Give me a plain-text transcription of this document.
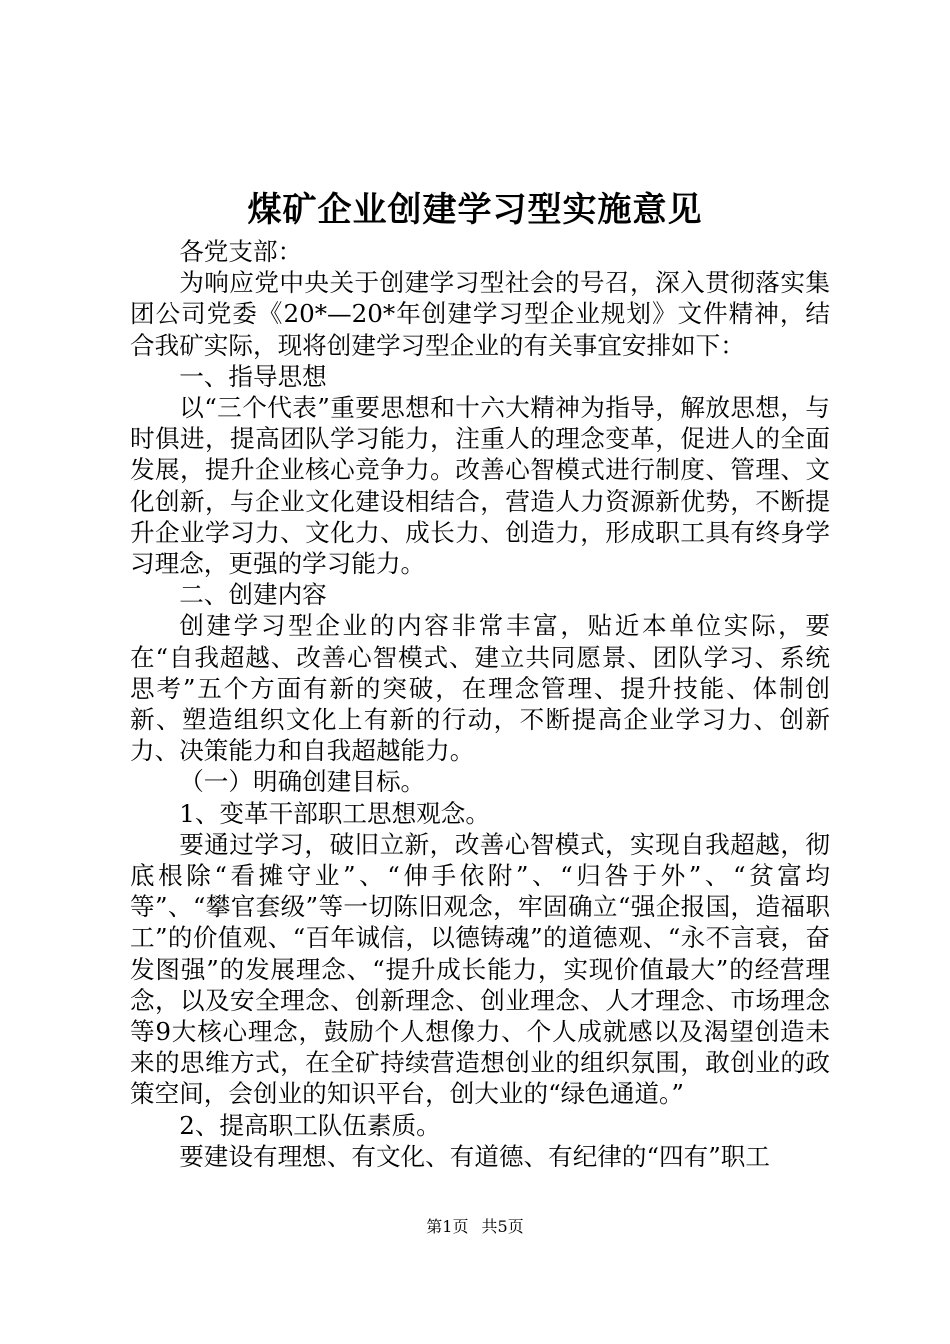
煤矿企业创建学习型实施意见

各党支部：

为响应党中央关于创建学习型社会的号召，深入贯彻落实集团公司党委《20*—20*年创建学习型企业规划》文件精神，结合我矿实际，现将创建学习型企业的有关事宜安排如下：

一、指导思想

以“三个代表”重要思想和十六大精神为指导，解放思想，与时俱进，提高团队学习能力，注重人的理念变革，促进人的全面发展，提升企业核心竞争力。改善心智模式进行制度、管理、文化创新，与企业文化建设相结合，营造人力资源新优势，不断提升企业学习力、文化力、成长力、创造力，形成职工具有终身学习理念，更强的学习能力。

二、创建内容

创建学习型企业的内容非常丰富，贴近本单位实际，要在“自我超越、改善心智模式、建立共同愿景、团队学习、系统思考”五个方面有新的突破，在理念管理、提升技能、体制创新、塑造组织文化上有新的行动，不断提高企业学习力、创新力、决策能力和自我超越能力。

（一）明确创建目标。

1、变革干部职工思想观念。

要通过学习，破旧立新，改善心智模式，实现自我超越，彻底根除“看摊守业”、“伸手依附”、“归咎于外”、“贫富均等”、“攀官套级”等一切陈旧观念，牢固确立“强企报国，造福职工”的价值观、“百年诚信，以德铸魂”的道德观、“永不言衰，奋发图强”的发展理念、“提升成长能力，实现价值最大”的经营理念，以及安全理念、创新理念、创业理念、人才理念、市场理念等9大核心理念，鼓励个人想像力、个人成就感以及渴望创造未来的思维方式，在全矿持续营造想创业的组织氛围，敢创业的政策空间，会创业的知识平台，创大业的“绿色通道。”

2、提高职工队伍素质。

要建设有理想、有文化、有道德、有纪律的“四有”职工

第1页 共5页
